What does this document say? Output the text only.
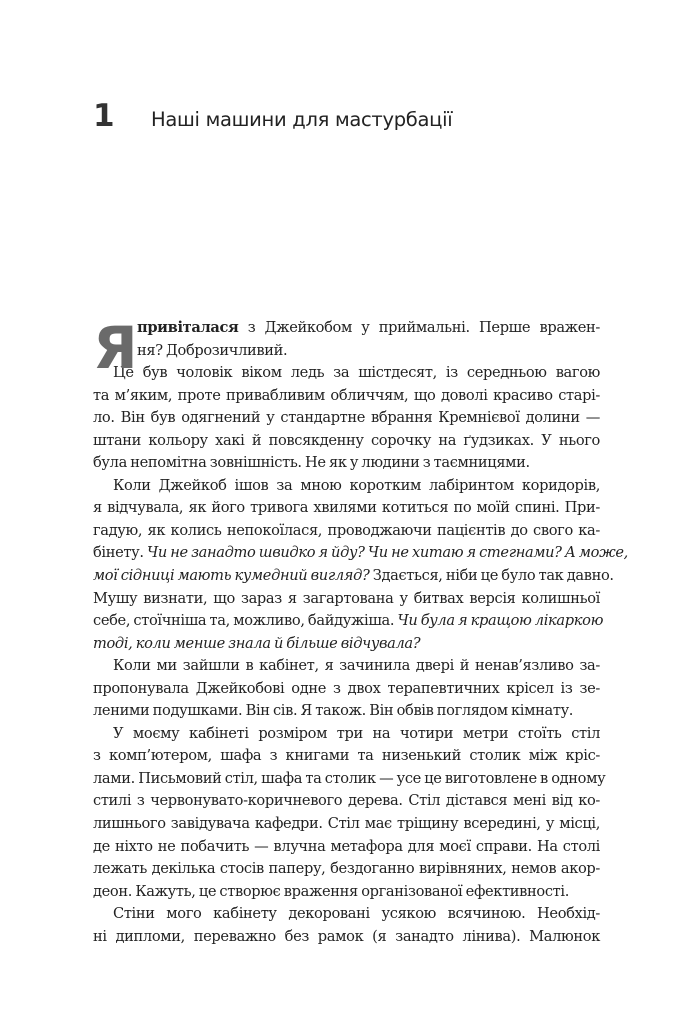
1	Наші машини для мастурбації
Я привіталася з Джейкобом у приймальні. Перше вражен-
ня? Доброзичливий.
Це був чоловік віком ледь за шістдесят, із середньою вагою
та м’яким, проте привабливим обличчям, що доволі красиво старі-
ло. Він був одягнений у стандартне вбрання Кремнієвої долини —
штани кольору хакі й повсякденну сорочку на ґудзиках. У нього
була непомітна зовнішність. Не як у людини з таємницями.
Коли Джейкоб ішов за мною коротким лабіринтом коридорів,
я відчувала, як його тривога хвилями котиться по моїй спині. При-
гадую, як колись непокоїлася, проводжаючи пацієнтів до свого ка-
бінету. Чи не занадто швидко я йду? Чи не хитаю я стегнами? А може,
мої сідниці мають кумедний вигляд? Здається, ніби це було так давно.
Мушу визнати, що зараз я загартована у битвах версія колишньої
себе, стоїчніша та, можливо, байдужіша. Чи була я кращою лікаркою
тоді, коли менше знала й більше відчувала?
Коли ми зайшли в кабінет, я зачинила двері й ненав’язливо за-
пропонувала Джейкобові одне з двох терапевтичних крісел із зе-
леними подушками. Він сів. Я також. Він обвів поглядом кімнату.
У моєму кабінеті розміром три на чотири метри стоїть стіл
з комп’ютером, шафа з книгами та низенький столик між кріс-
лами. Письмовий стіл, шафа та столик — усе це виготовлене в одному
стилі з червонувато-коричневого дерева. Стіл дістався мені від ко-
лишнього завідувача кафедри. Стіл має тріщину всередині, у місці,
де ніхто не побачить — влучна метафора для моєї справи. На столі
лежать декілька стосів паперу, бездоганно вирівняних, немов акор-
деон. Кажуть, це створює враження організованої ефективності.
Стіни мого кабінету декоровані усякою всячиною. Необхід-
ні дипломи, переважно без рамок (я занадто лінива). Малюнок
